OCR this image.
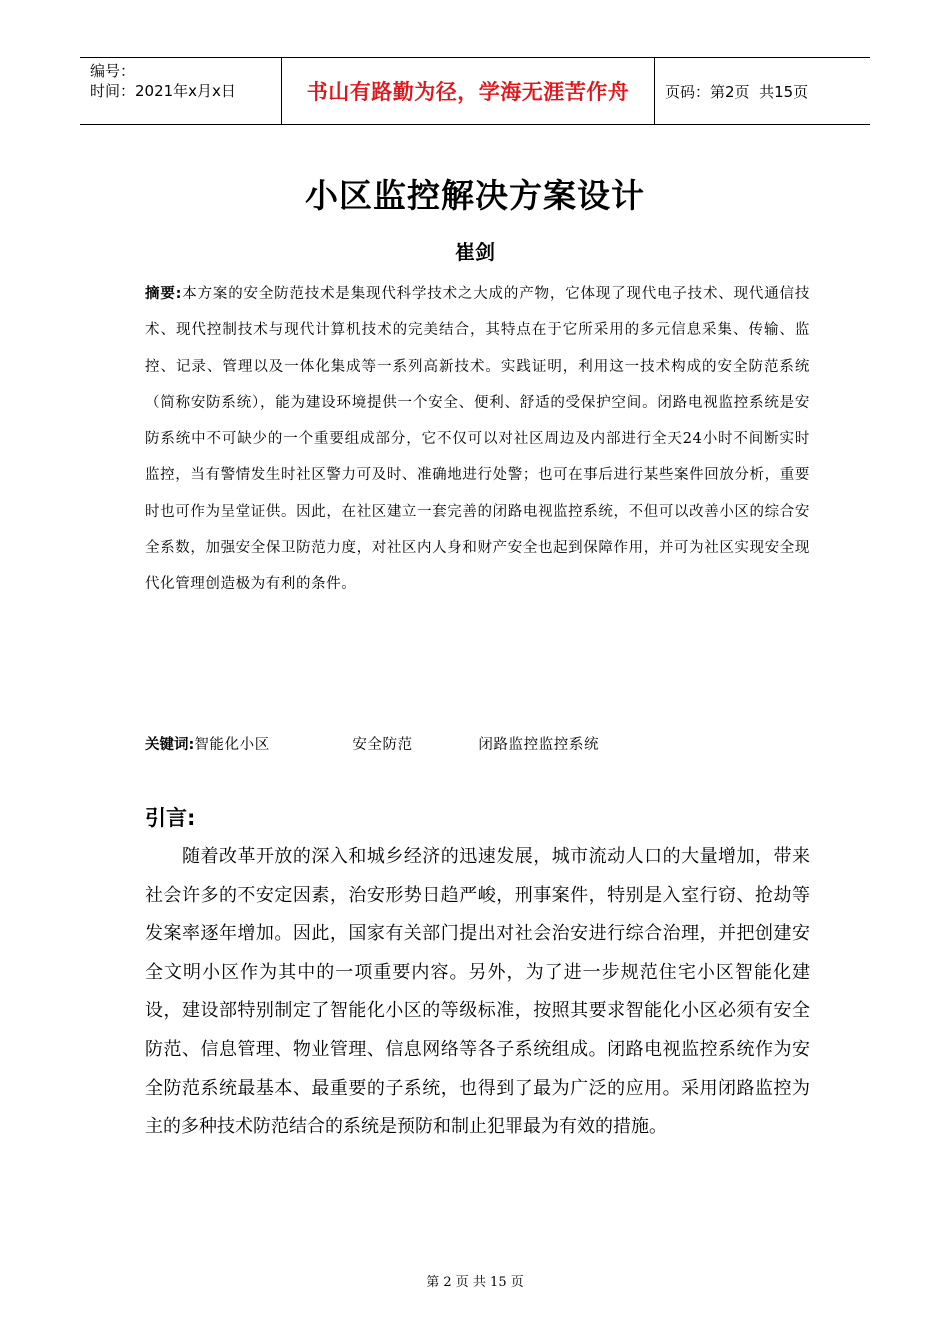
编号：
时间：2021年x月x日	书山有路勤为径，学海无涯苦作舟	页码：第2页  共15页
小区监控解决方案设计
崔剑
摘要:本方案的安全防范技术是集现代科学技术之大成的产物，它体现了现代电子技术、现代通信技术、现代控制技术与现代计算机技术的完美结合，其特点在于它所采用的多元信息采集、传输、监控、记录、管理以及一体化集成等一系列高新技术。实践证明，利用这一技术构成的安全防范系统（简称安防系统），能为建设环境提供一个安全、便利、舒适的受保护空间。闭路电视监控系统是安防系统中不可缺少的一个重要组成部分，它不仅可以对社区周边及内部进行全天24小时不间断实时监控，当有警情发生时社区警力可及时、准确地进行处警；也可在事后进行某些案件回放分析，重要时也可作为呈堂证供。因此，在社区建立一套完善的闭路电视监控系统，不但可以改善小区的综合安全系数，加强安全保卫防范力度，对社区内人身和财产安全也起到保障作用，并可为社区实现安全现代化管理创造极为有利的条件。
关键词: 智能化小区	安全防范	闭路监控监控系统
引言:
随着改革开放的深入和城乡经济的迅速发展，城市流动人口的大量增加，带来社会许多的不安定因素，治安形势日趋严峻，刑事案件，特别是入室行窃、抢劫等发案率逐年增加。因此，国家有关部门提出对社会治安进行综合治理，并把创建安全文明小区作为其中的一项重要内容。另外，为了进一步规范住宅小区智能化建设，建设部特别制定了智能化小区的等级标准，按照其要求智能化小区必须有安全防范、信息管理、物业管理、信息网络等各子系统组成。闭路电视监控系统作为安全防范系统最基本、最重要的子系统，也得到了最为广泛的应用。采用闭路监控为主的多种技术防范结合的系统是预防和制止犯罪最为有效的措施。
第 2 页 共 15 页
